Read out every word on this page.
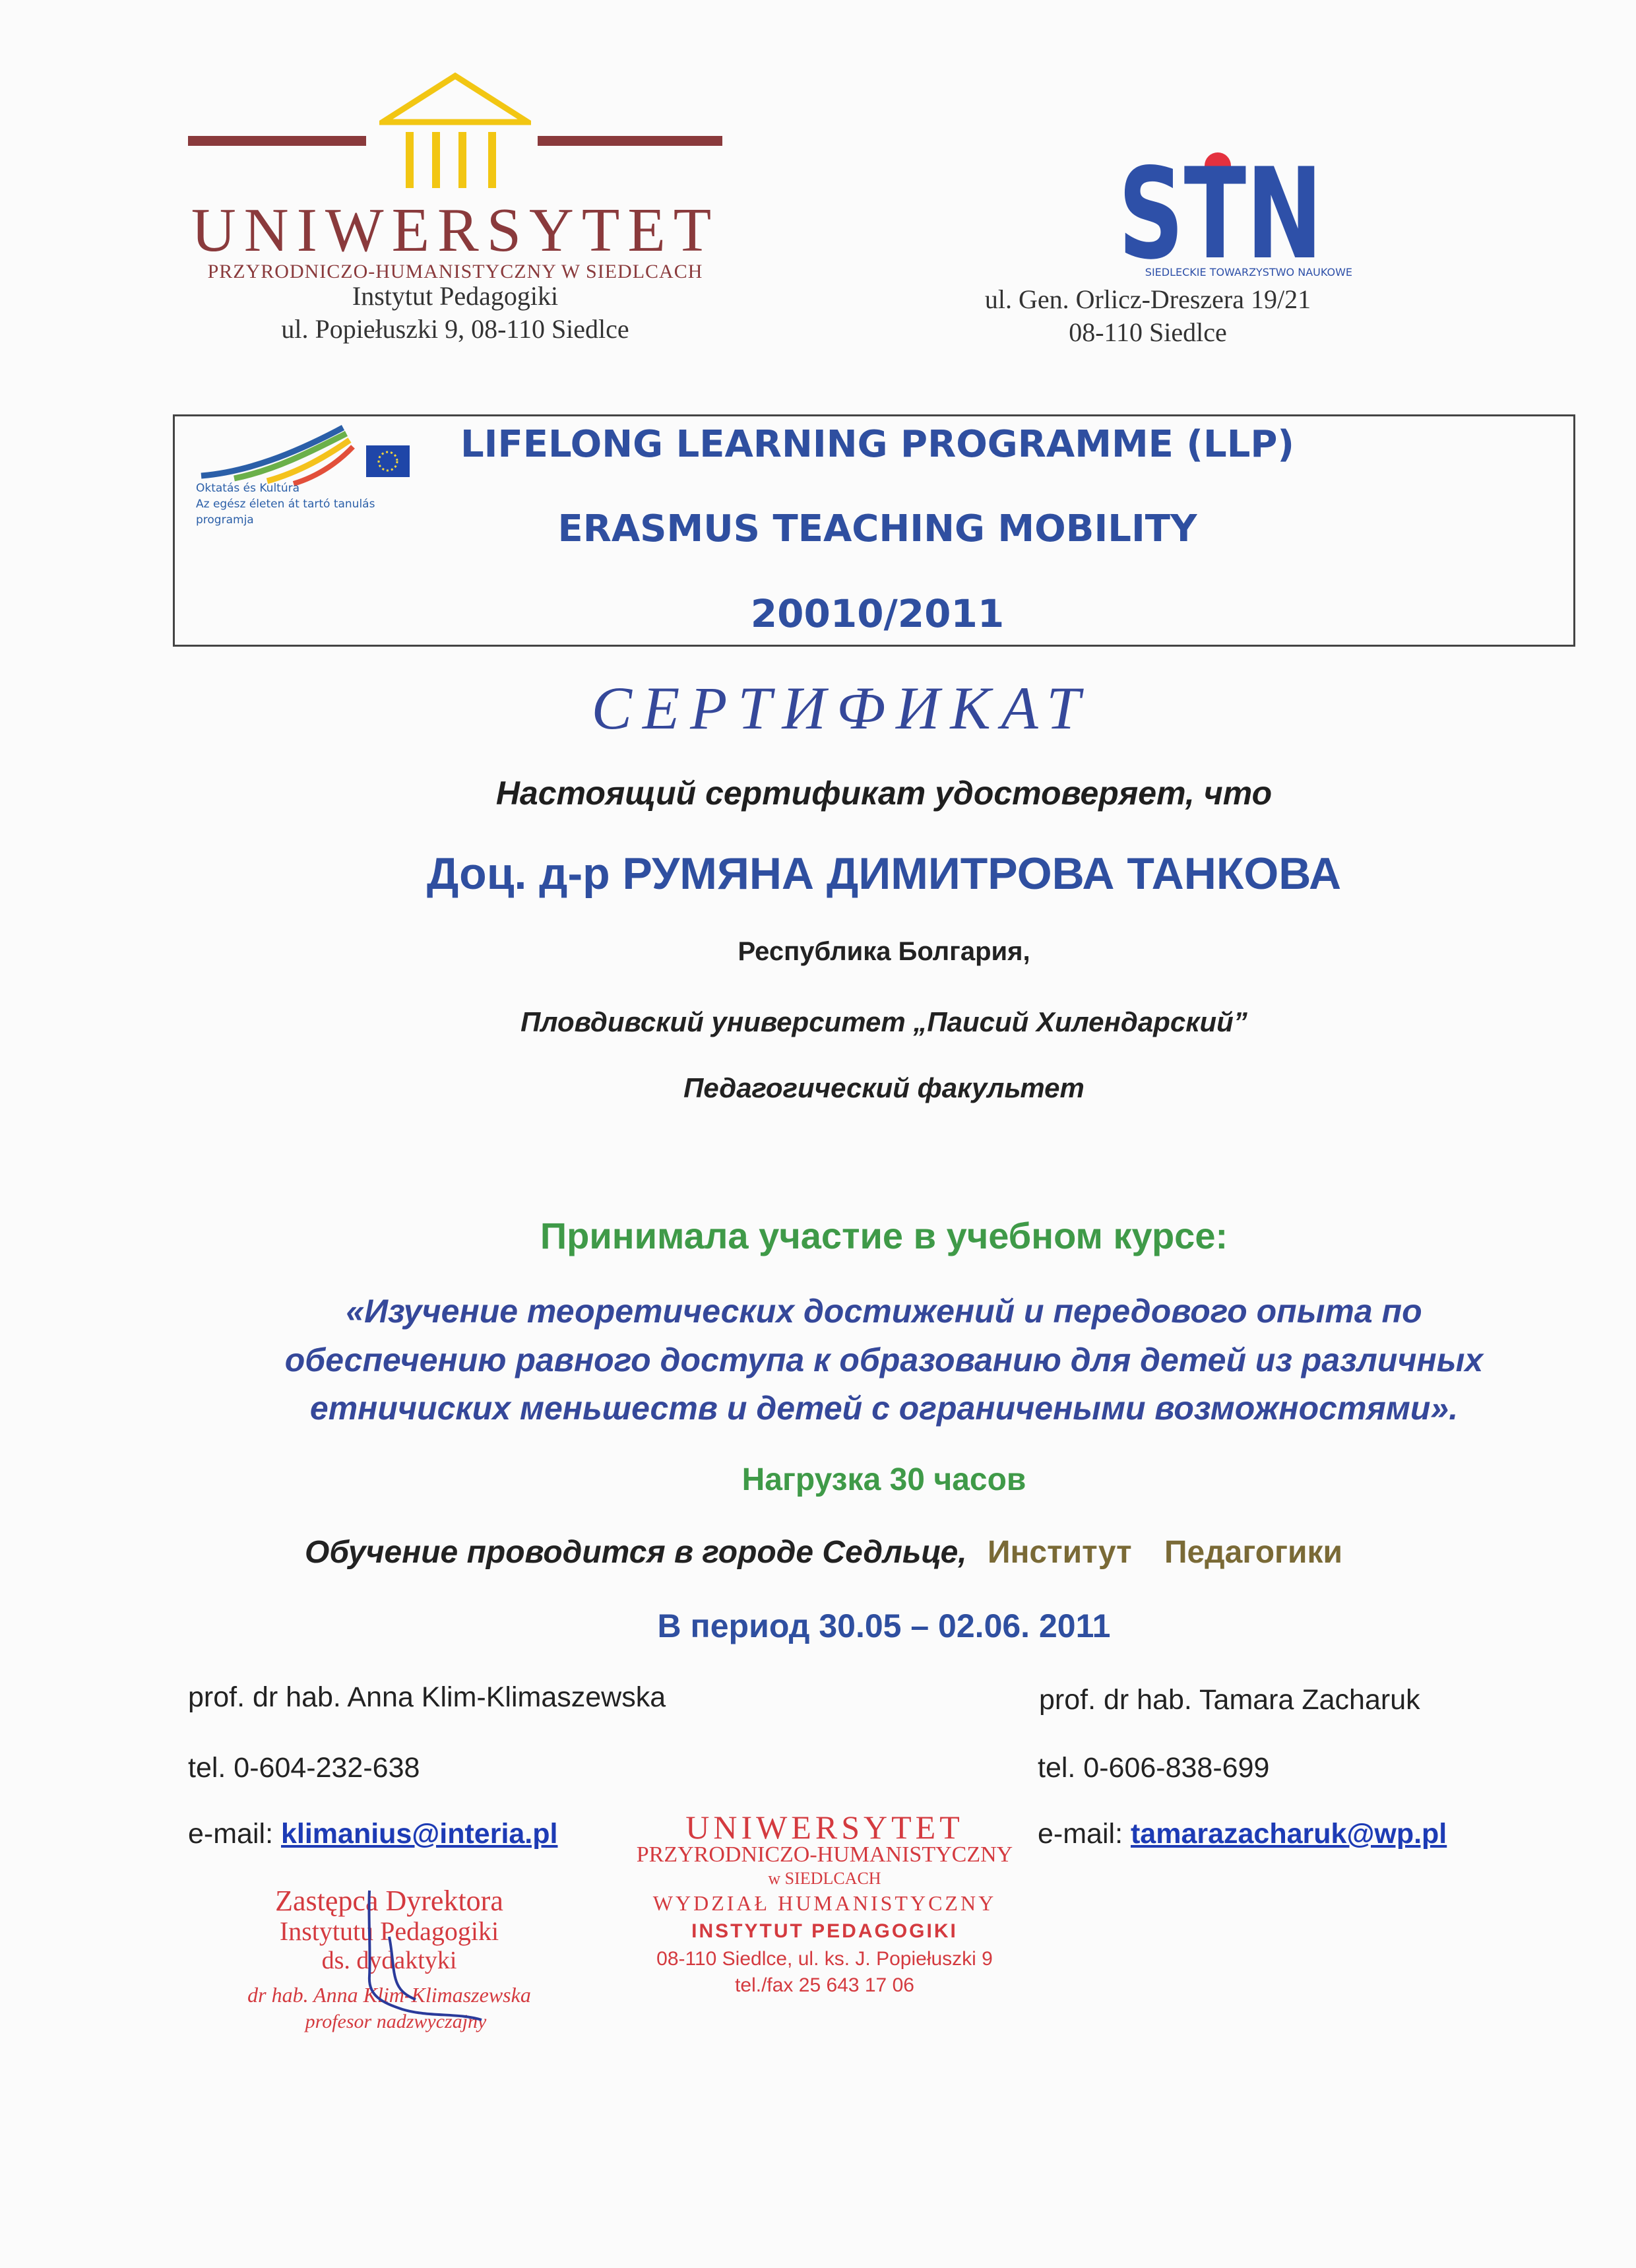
UNIWERSYTET
PRZYRODNICZO-HUMANISTYCZNY W SIEDLCACH
Instytut Pedagogiki
ul. Popiełuszki 9, 08-110 Siedlce
STN
SIEDLECKIE TOWARZYSTWO NAUKOWE
ul. Gen. Orlicz-Dreszera 19/21
08-110 Siedlce
Oktatás és Kultúra
Az egész életen át tartó tanulás
programja
LIFELONG LEARNING PROGRAMME (LLP)
ERASMUS TEACHING MOBILITY
20010/2011
СЕРТИФИКАТ
Настоящий сертификат удостоверяет, что
Доц. д-р РУМЯНА ДИМИТРОВА ТАНКОВА
Республика Болгария,
Пловдивский университет „Паисий Хилендарский”
Педагогический факультет
Принимала участие в учебном курсе:
«Изучение теоретических достижений и передового опыта по
обеспечению равного доступа к образованию для детей из различных
етничиских меньшеств и детей с ограничеными возможностями».
Нагрузка 30 часов
Обучение проводится в городе Седльце, Институт Педагогики
В период 30.05 – 02.06. 2011
prof. dr hab. Anna Klim-Klimaszewska
tel. 0-604-232-638
e-mail: klimanius@interia.pl
prof. dr hab. Tamara Zacharuk
tel. 0-606-838-699
e-mail: tamarazacharuk@wp.pl
Zastępca Dyrektora
Instytutu Pedagogiki
ds. dydaktyki
dr hab. Anna Klim-Klimaszewska
profesor nadzwyczajny
UNIWERSYTET
PRZYRODNICZO-HUMANISTYCZNY
w SIEDLCACH
WYDZIAŁ HUMANISTYCZNY
INSTYTUT PEDAGOGIKI
08-110 Siedlce, ul. ks. J. Popiełuszki 9
tel./fax 25 643 17 06
